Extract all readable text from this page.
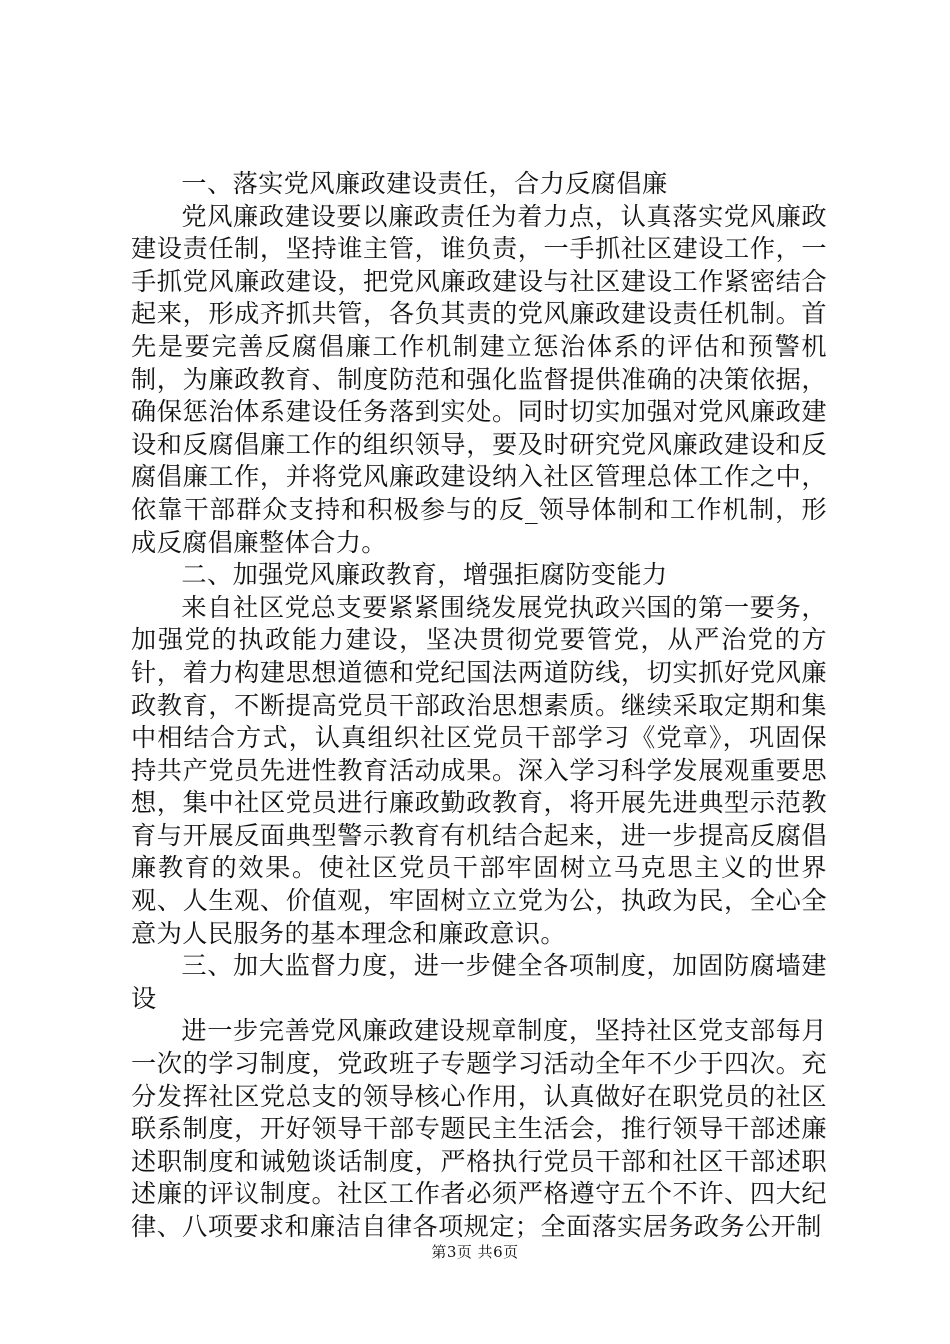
一、落实党风廉政建设责任，合力反腐倡廉

党风廉政建设要以廉政责任为着力点，认真落实党风廉政建设责任制，坚持谁主管，谁负责，一手抓社区建设工作，一手抓党风廉政建设，把党风廉政建设与社区建设工作紧密结合起来，形成齐抓共管，各负其责的党风廉政建设责任机制。首先是要完善反腐倡廉工作机制建立惩治体系的评估和预警机制，为廉政教育、制度防范和强化监督提供准确的决策依据，确保惩治体系建设任务落到实处。同时切实加强对党风廉政建设和反腐倡廉工作的组织领导，要及时研究党风廉政建设和反腐倡廉工作，并将党风廉政建设纳入社区管理总体工作之中，依靠干部群众支持和积极参与的反_领导体制和工作机制，形成反腐倡廉整体合力。

二、加强党风廉政教育，增强拒腐防变能力

来自社区党总支要紧紧围绕发展党执政兴国的第一要务，加强党的执政能力建设，坚决贯彻党要管党，从严治党的方针，着力构建思想道德和党纪国法两道防线，切实抓好党风廉政教育，不断提高党员干部政治思想素质。继续采取定期和集中相结合方式，认真组织社区党员干部学习《党章》，巩固保持共产党员先进性教育活动成果。深入学习科学发展观重要思想，集中社区党员进行廉政勤政教育，将开展先进典型示范教育与开展反面典型警示教育有机结合起来，进一步提高反腐倡廉教育的效果。使社区党员干部牢固树立马克思主义的世界观、人生观、价值观，牢固树立立党为公，执政为民，全心全意为人民服务的基本理念和廉政意识。

三、加大监督力度，进一步健全各项制度，加固防腐墙建设

进一步完善党风廉政建设规章制度，坚持社区党支部每月一次的学习制度，党政班子专题学习活动全年不少于四次。充分发挥社区党总支的领导核心作用，认真做好在职党员的社区联系制度，开好领导干部专题民主生活会，推行领导干部述廉述职制度和诫勉谈话制度，严格执行党员干部和社区干部述职述廉的评议制度。社区工作者必须严格遵守五个不许、四大纪律、八项要求和廉洁自律各项规定；全面落实居务政务公开制

第3页 共6页
